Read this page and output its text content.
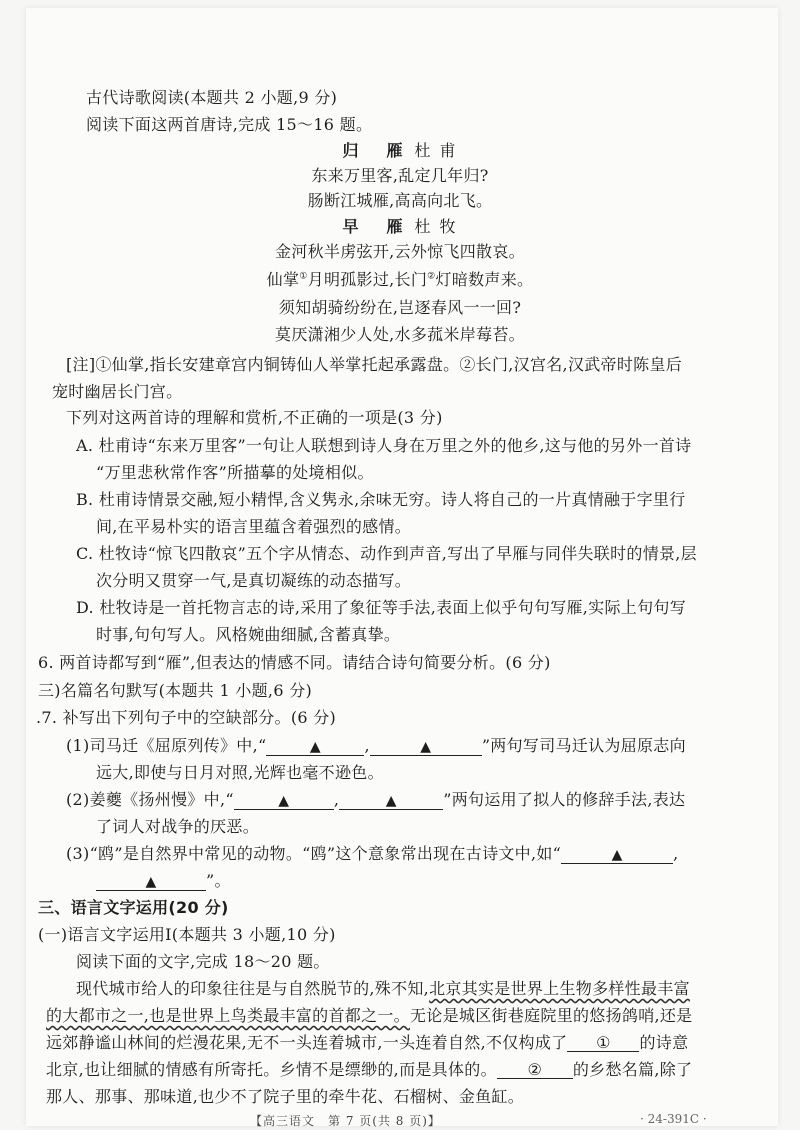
古代诗歌阅读(本题共 2 小题,9 分)
阅读下面这两首唐诗,完成 15～16 题。
归　雁 杜 甫
东来万里客,乱定几年归?
肠断江城雁,高高向北飞。
早　雁 杜 牧
金河秋半虏弦开,云外惊飞四散哀。
仙掌①月明孤影过,长门②灯暗数声来。
须知胡骑纷纷在,岂逐春风一一回?
莫厌潇湘少人处,水多菰米岸莓苔。
[注]①仙掌,指长安建章宫内铜铸仙人举掌托起承露盘。②长门,汉宫名,汉武帝时陈皇后
宠时幽居长门宫。
下列对这两首诗的理解和赏析,不正确的一项是(3 分)
A. 杜甫诗“东来万里客”一句让人联想到诗人身在万里之外的他乡,这与他的另外一首诗
“万里悲秋常作客”所描摹的处境相似。
B. 杜甫诗情景交融,短小精悍,含义隽永,余味无穷。诗人将自己的一片真情融于字里行
间,在平易朴实的语言里蕴含着强烈的感情。
C. 杜牧诗“惊飞四散哀”五个字从情态、动作到声音,写出了早雁与同伴失联时的情景,层
次分明又贯穿一气,是真切凝练的动态描写。
D. 杜牧诗是一首托物言志的诗,采用了象征等手法,表面上似乎句句写雁,实际上句句写
时事,句句写人。风格婉曲细腻,含蓄真挚。
6. 两首诗都写到“雁”,但表达的情感不同。请结合诗句简要分析。(6 分)
三)名篇名句默写(本题共 1 小题,6 分)
.7. 补写出下列句子中的空缺部分。(6 分)
(1)司马迁《屈原列传》中,“	▲	,	▲	”两句写司马迁认为屈原志向
远大,即使与日月对照,光辉也毫不逊色。
(2)姜夔《扬州慢》中,“	▲	,	▲	”两句运用了拟人的修辞手法,表达
了词人对战争的厌恶。
(3)“鸥”是自然界中常见的动物。“鸥”这个意象常出现在古诗文中,如“	▲	,
▲	”。
三、语言文字运用(20 分)
(一)语言文字运用Ⅰ(本题共 3 小题,10 分)
阅读下面的文字,完成 18～20 题。
现代城市给人的印象往往是与自然脱节的,殊不知,北京其实是世界上生物多样性最丰富
的大都市之一,也是世界上鸟类最丰富的首都之一。无论是城区街巷庭院里的悠扬鸽哨,还是
远郊静谧山林间的烂漫花果,无不一头连着城市,一头连着自然,不仅构成了 ① 的诗意
北京,也让细腻的情感有所寄托。乡情不是缥缈的,而是具体的。 ② 的乡愁名篇,除了
那人、那事、那味道,也少不了院子里的牵牛花、石榴树、金鱼缸。
【高三语文　第 7 页(共 8 页)】	· 24-391C ·
